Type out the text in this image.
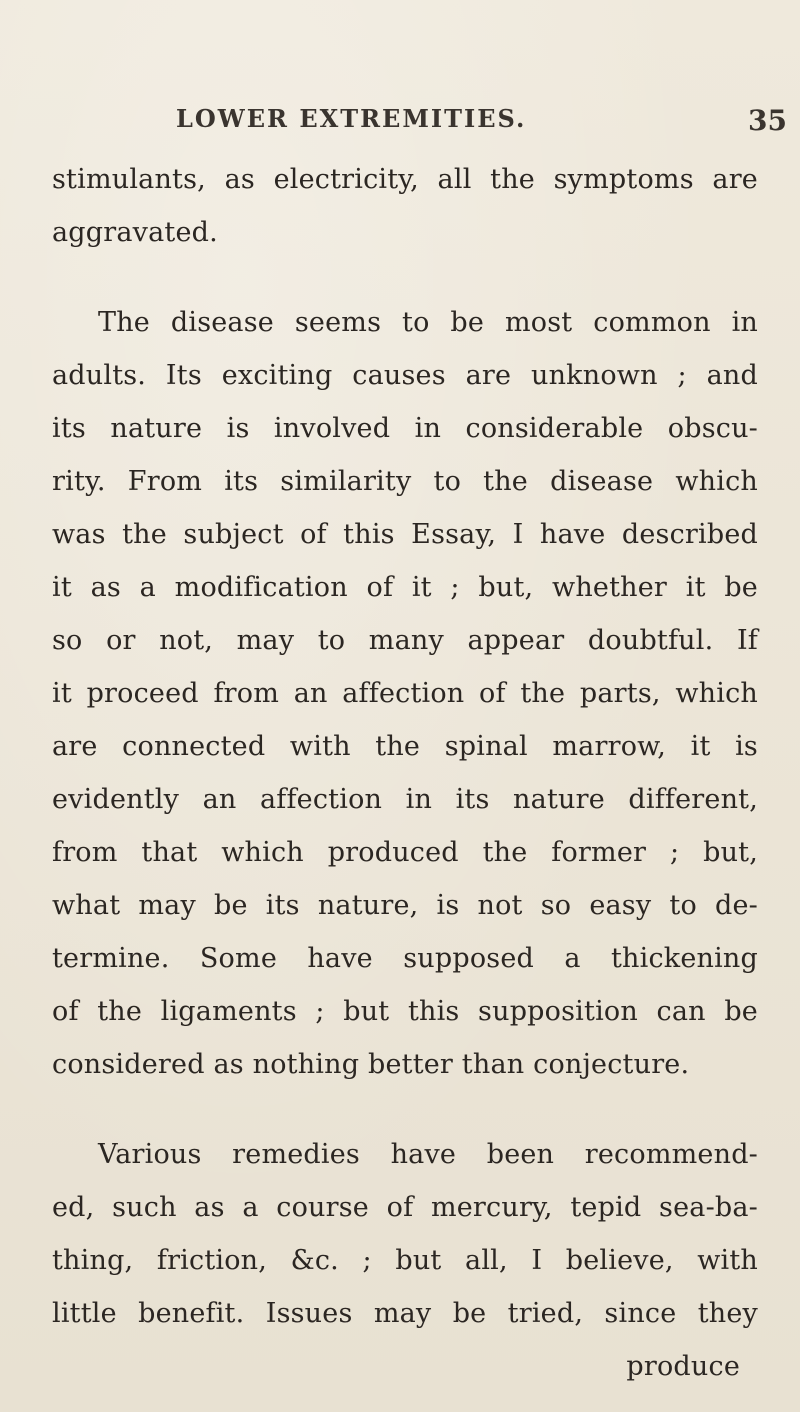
LOWER EXTREMITIES.	35
stimulants, as electricity, all the symptoms are
aggravated.
The disease seems to be most common in
adults. Its exciting causes are unknown ; and
its nature is involved in considerable obscu-
rity. From its similarity to the disease which
was the subject of this Essay, I have described
it as a modification of it ; but, whether it be
so or not, may to many appear doubtful. If
it proceed from an affection of the parts, which
are connected with the spinal marrow, it is
evidently an affection in its nature different,
from that which produced the former ; but,
what may be its nature, is not so easy to de-
termine. Some have supposed a thickening
of the ligaments ; but this supposition can be
considered as nothing better than conjecture.
Various remedies have been recommend-
ed, such as a course of mercury, tepid sea-ba-
thing, friction, &c. ; but all, I believe, with
little benefit. Issues may be tried, since they
produce
